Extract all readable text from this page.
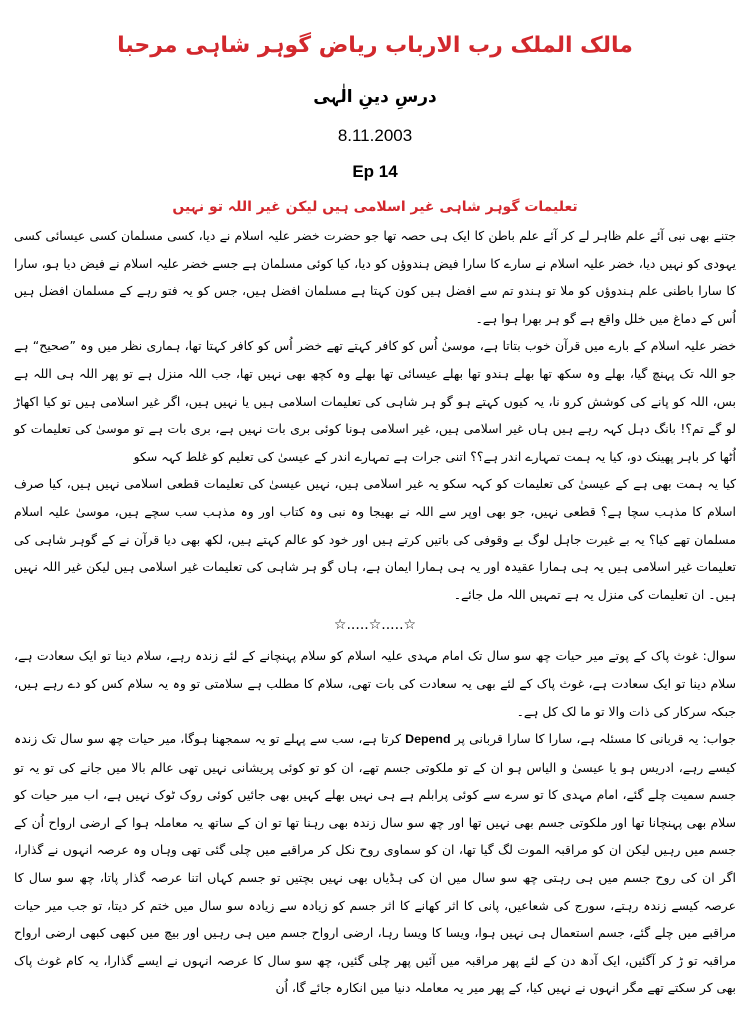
مالک الملک رب الارباب ریاض گوہر شاہی مرحبا
درسِ دینِ الٰہی
8.11.2003
Ep 14
تعلیمات گوہر شاہی غیر اسلامی ہیں لیکن غیر اللہ تو نہیں

جتنے بھی نبی آئے علم ظاہر لے کر آئے علم باطن کا ایک ہی حصہ تھا جو حضرت خضر علیہ اسلام نے دیا، کسی مسلمان کسی عیسائی کسی یہودی کو نہیں دیا، خضر علیہ اسلام نے سارے کا سارا فیض ہندوؤں کو دیا، کیا کوئی مسلمان ہے جسے خضر علیہ اسلام نے فیض دیا ہو، سارا کا سارا باطنی علم ہندوؤں کو ملا تو ہندو تم سے افضل ہیں کون کہتا ہے مسلمان افضل ہیں، جس کو یہ فتو رہے کے مسلمان افضل ہیں اُس کے دماغ میں خلل واقع ہے گو ہر بھرا ہوا ہے۔

خضر علیہ اسلام کے بارے میں قرآن خوب بتاتا ہے، موسیٰ اُس کو کافر کہتے تھے خضر اُس کو کافر کہتا تھا، ہماری نظر میں وہ ”صحیح“ ہے جو اللہ تک پہنچ گیا، بھلے وہ سکھ تھا بھلے ہندو تھا بھلے عیسائی تھا بھلے وہ کچھ بھی نہیں تھا، جب اللہ منزل ہے تو پھر اللہ ہی اللہ ہے بس، اللہ کو پانے کی کوشش کرو نا، یہ کیوں کہتے ہو گو ہر شاہی کی تعلیمات اسلامی ہیں یا نہیں ہیں، اگر غیر اسلامی ہیں تو کیا اکھاڑ لو گے تم؟! بانگ دہل کہہ رہے ہیں ہاں غیر اسلامی ہیں، غیر اسلامی ہونا کوئی بری بات نہیں ہے، بری بات ہے تو موسیٰ کی تعلیمات کو اُٹھا کر باہر پھینک دو، کیا یہ ہمت تمہارے اندر ہے؟؟ اتنی جرات ہے تمہارے اندر کے عیسیٰ کی تعلیم کو غلط کہہ سکو

کیا یہ ہمت بھی ہے کے عیسیٰ کی تعلیمات کو کہہ سکو یہ غیر اسلامی ہیں، نہیں عیسیٰ کی تعلیمات قطعی اسلامی نہیں ہیں، کیا صرف اسلام کا مذہب سچا ہے؟ قطعی نہیں، جو بھی اوپر سے اللہ نے بھیجا وہ نبی وہ کتاب اور وہ مذہب سب سچے ہیں، موسیٰ علیہ اسلام مسلمان تھے کیا؟ یہ بے غیرت جاہل لوگ بے وقوفی کی باتیں کرتے ہیں اور خود کو عالم کہتے ہیں، لکھ بھی دیا قرآن نے کے گوہر شاہی کی تعلیمات غیر اسلامی ہیں یہ ہی ہمارا عقیدہ اور یہ ہی ہمارا ایمان ہے، ہاں گو ہر شاہی کی تعلیمات غیر اسلامی ہیں لیکن غیر اللہ نہیں ہیں۔ ان تعلیمات کی منزل یہ ہے تمہیں اللہ مل جائے۔

☆.....☆.....☆

سوال: غوث پاک کے پوتے میر حیات چھ سو سال تک امام مہدی علیہ اسلام کو سلام پہنچانے کے لئے زندہ رہے، سلام دینا تو ایک سعادت ہے، سلام دینا تو ایک سعادت ہے، غوث پاک کے لئے بھی یہ سعادت کی بات تھی، سلام کا مطلب ہے سلامتی تو وہ یہ سلام کس کو دے رہے ہیں، جبکہ سرکار کی ذات والا تو ما لک کل ہے۔

جواب: یہ قربانی کا مسئلہ ہے، سارا کا سارا قربانی پر Depend کرتا ہے، سب سے پہلے تو یہ سمجھنا ہوگا، میر حیات چھ سو سال تک زندہ کیسے رہے، ادریس ہو یا عیسیٰ و الیاس ہو ان کے تو ملکوتی جسم تھے، ان کو تو کوئی پریشانی نہیں تھی عالم بالا میں جانے کی تو یہ تو جسم سمیت چلے گئے، امام مہدی کا تو سرے سے کوئی پرابلم ہے ہی نہیں بھلے کہیں بھی جائیں کوئی روک ٹوک نہیں ہے، اب میر حیات کو سلام بھی پہنچانا تھا اور ملکوتی جسم بھی نہیں تھا اور چھ سو سال زندہ بھی رہنا تھا تو ان کے ساتھ یہ معاملہ ہوا کے ارضی ارواح اُن کے جسم میں رہیں لیکن ان کو مراقبہ الموت لگ گیا تھا، ان کو سماوی روح نکل کر مراقبے میں چلی گئی تھی وہاں وہ عرصہ انہوں نے گذارا، اگر ان کی روح جسم میں ہی رہتی چھ سو سال میں ان کی ہڈیاں بھی نہیں بچتیں تو جسم کہاں اتنا عرصہ گذار پاتا، چھ سو سال کا عرصہ کیسے زندہ رہتے، سورج کی شعاعیں، پانی کا اثر کھانے کا اثر جسم کو زیادہ سے زیادہ سو سال میں ختم کر دیتا، تو جب میر حیات مراقبے میں چلے گئے، جسم استعمال ہی نہیں ہوا، ویسا کا ویسا رہا، ارضی ارواح جسم میں ہی رہیں اور بیچ میں کبھی کبھی ارضی ارواح مراقبہ تو ڑ کر آگئیں، ایک آدھ دن کے لئے پھر مراقبہ میں آئیں پھر چلی گئیں، چھ سو سال کا عرصہ انہوں نے ایسے گذارا، یہ کام غوث پاک بھی کر سکتے تھے مگر انہوں نے نہیں کیا، کے پھر میر یہ معاملہ دنیا میں انکارہ جائے گا، اُن
